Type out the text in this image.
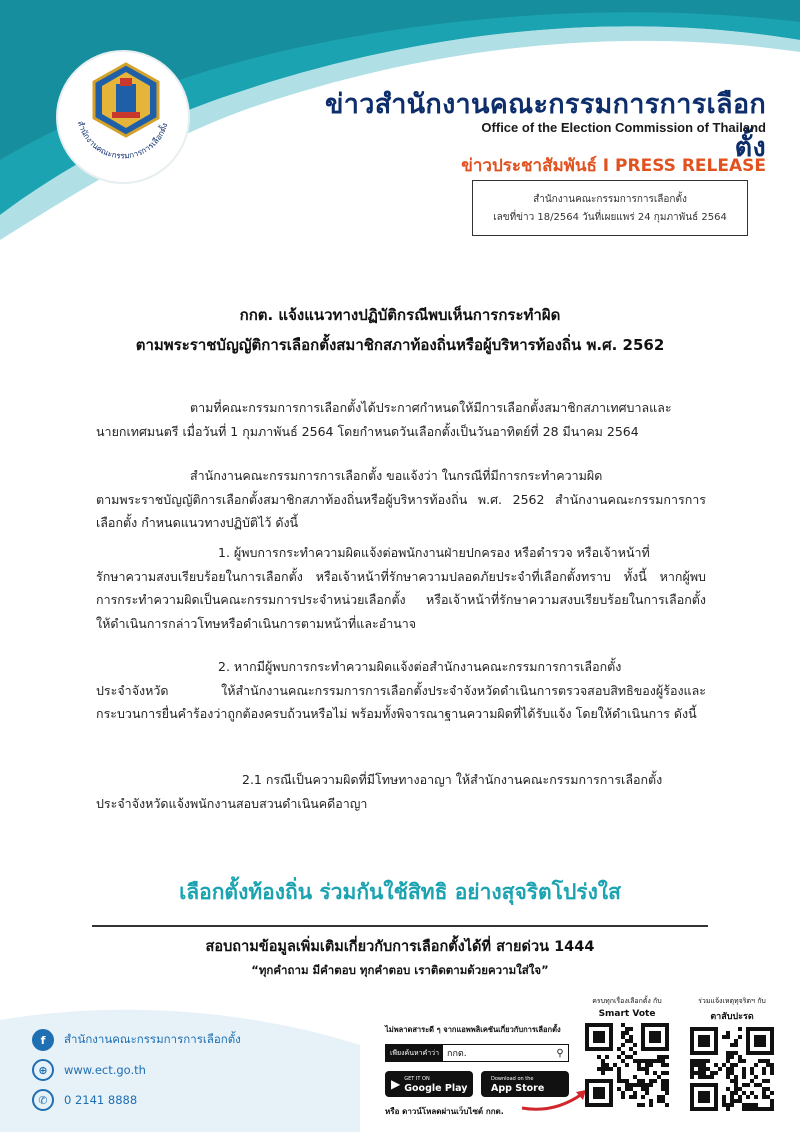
สำนักงานคณะกรรมการการเลือกตั้ง
ข่าวสำนักงานคณะกรรมการการเลือกตั้ง
Office of the Election Commission of Thailand
ข่าวประชาสัมพันธ์ I PRESS RELEASE
สำนักงานคณะกรรมการการเลือกตั้ง
เลขที่ข่าว 18/2564 วันที่เผยแพร่ 24 กุมภาพันธ์ 2564
กกต. แจ้งแนวทางปฏิบัติกรณีพบเห็นการกระทำผิด
ตามพระราชบัญญัติการเลือกตั้งสมาชิกสภาท้องถิ่นหรือผู้บริหารท้องถิ่น พ.ศ. 2562
ตามที่คณะกรรมการการเลือกตั้งได้ประกาศกำหนดให้มีการเลือกตั้งสมาชิกสภาเทศบาลและ
นายกเทศมนตรี เมื่อวันที่ 1 กุมภาพันธ์ 2564 โดยกำหนดวันเลือกตั้งเป็นวันอาทิตย์ที่ 28 มีนาคม 2564
สำนักงานคณะกรรมการการเลือกตั้ง ขอแจ้งว่า ในกรณีที่มีการกระทำความผิด
ตามพระราชบัญญัติการเลือกตั้งสมาชิกสภาท้องถิ่นหรือผู้บริหารท้องถิ่น พ.ศ. 2562 สำนักงานคณะกรรมการการเลือกตั้ง กำหนดแนวทางปฏิบัติไว้ ดังนี้
1. ผู้พบการกระทำความผิดแจ้งต่อพนักงานฝ่ายปกครอง หรือตำรวจ หรือเจ้าหน้าที่
รักษาความสงบเรียบร้อยในการเลือกตั้ง หรือเจ้าหน้าที่รักษาความปลอดภัยประจำที่เลือกตั้งทราบ ทั้งนี้ หากผู้พบการกระทำความผิดเป็นคณะกรรมการประจำหน่วยเลือกตั้ง หรือเจ้าหน้าที่รักษาความสงบเรียบร้อยในการเลือกตั้ง ให้ดำเนินการกล่าวโทษหรือดำเนินการตามหน้าที่และอำนาจ
2. หากมีผู้พบการกระทำความผิดแจ้งต่อสำนักงานคณะกรรมการการเลือกตั้ง
ประจำจังหวัด ให้สำนักงานคณะกรรมการการเลือกตั้งประจำจังหวัดดำเนินการตรวจสอบสิทธิของผู้ร้องและกระบวนการยื่นคำร้องว่าถูกต้องครบถ้วนหรือไม่ พร้อมทั้งพิจารณาฐานความผิดที่ได้รับแจ้ง โดยให้ดำเนินการ ดังนี้
2.1 กรณีเป็นความผิดที่มีโทษทางอาญา ให้สำนักงานคณะกรรมการการเลือกตั้ง
ประจำจังหวัดแจ้งพนักงานสอบสวนดำเนินคดีอาญา
เลือกตั้งท้องถิ่น ร่วมกันใช้สิทธิ อย่างสุจริตโปร่งใส
สอบถามข้อมูลเพิ่มเติมเกี่ยวกับการเลือกตั้งได้ที่ สายด่วน 1444
“ทุกคำถาม มีคำตอบ ทุกคำตอบ เราติดตามด้วยความใส่ใจ”
f	สำนักงานคณะกรรมการการเลือกตั้ง
⊕	www.ect.go.th
✆	0 2141 8888
ไม่พลาดสาระดี ๆ จากแอพพลิเคชันเกี่ยวกับการเลือกตั้ง
เพียงค้นหาคำว่า กกต.	⚲
▶ GET IT ON
Google Play
Download on the
App Store
หรือ ดาวน์โหลดผ่านเว็บไซต์ กกต.
ครบทุกเรื่องเลือกตั้ง กับ
Smart Vote
ร่วมแจ้งเหตุทุจริตฯ กับ
ตาสับปะรด
